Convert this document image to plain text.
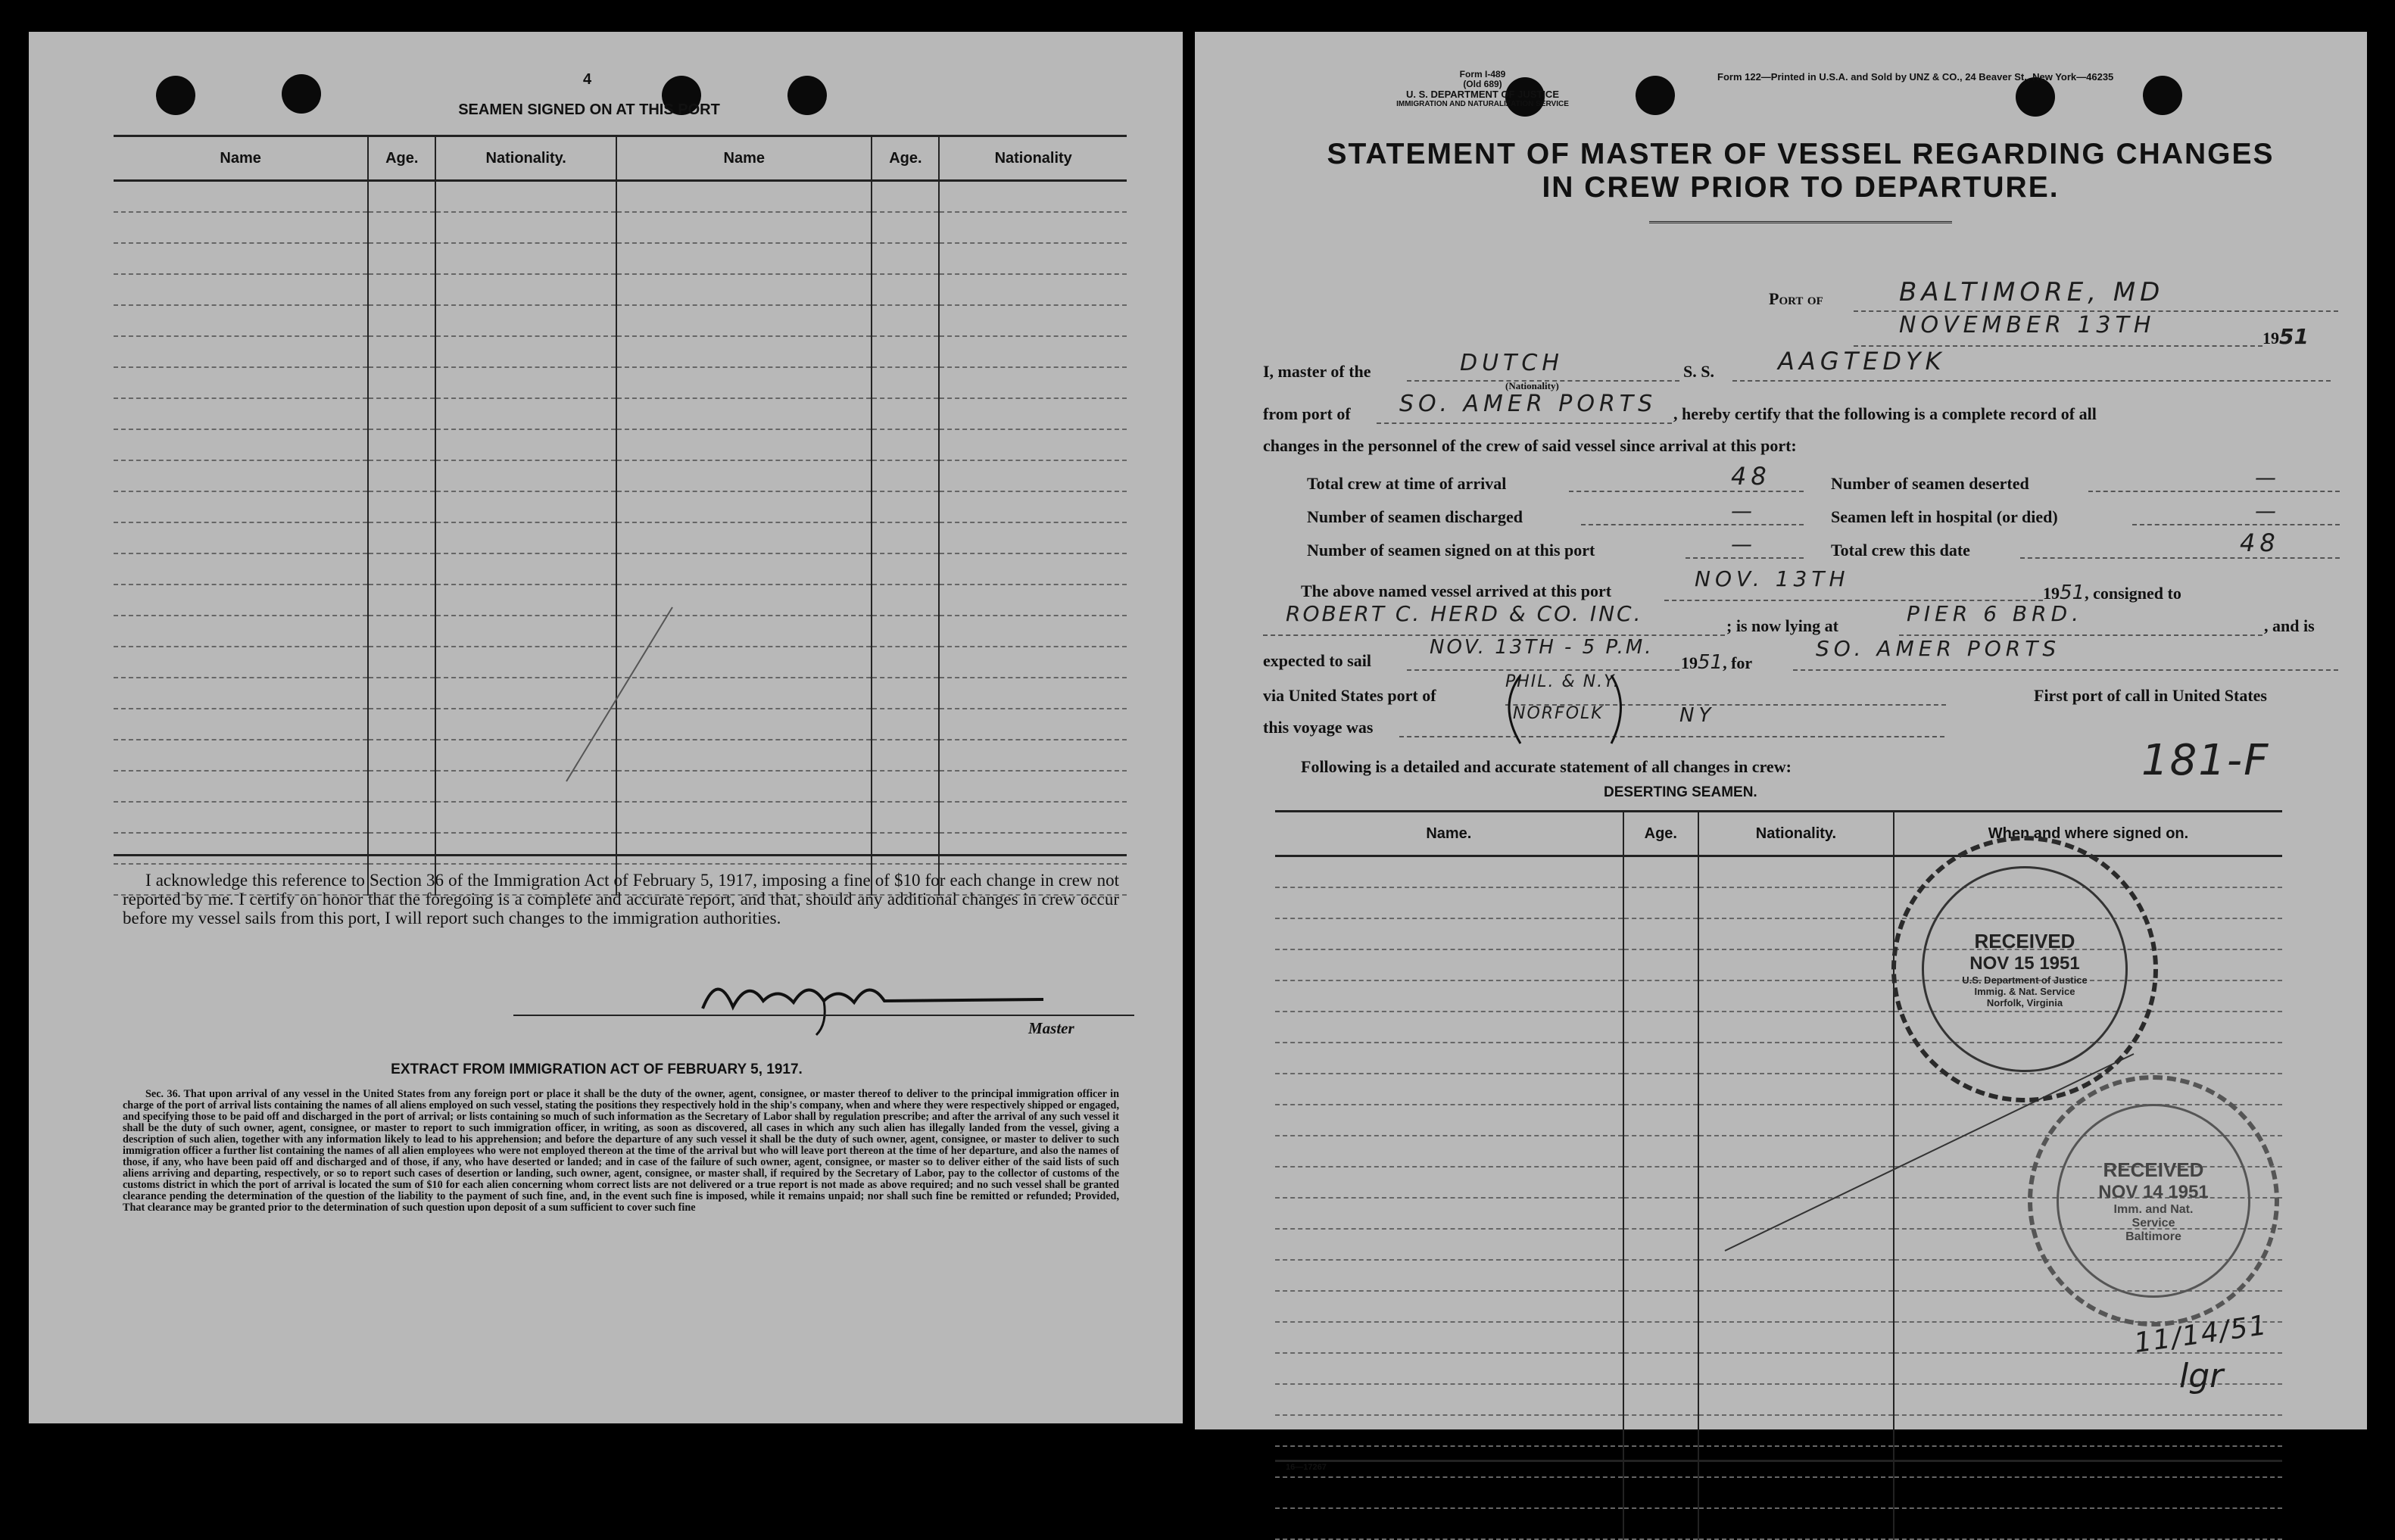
4
SEAMEN SIGNED ON AT THIS PORT
Name	Age.	Nationality.	Name	Age.	Nationality

I acknowledge this reference to Section 36 of the Immigration Act of February 5, 1917, imposing a fine of $10 for each change in crew not reported by me. I certify on honor that the foregoing is a complete and accurate report, and that, should any additional changes in crew occur before my vessel sails from this port, I will report such changes to the immigration authorities.
Master
EXTRACT FROM IMMIGRATION ACT OF FEBRUARY 5, 1917.
Sec. 36. That upon arrival of any vessel in the United States from any foreign port or place it shall be the duty of the owner, agent, consignee, or master thereof to deliver to the principal immigration officer in charge of the port of arrival lists containing the names of all aliens employed on such vessel, stating the positions they respectively hold in the ship's company, when and where they were respectively shipped or engaged, and specifying those to be paid off and discharged in the port of arrival; or lists containing so much of such information as the Secretary of Labor shall by regulation prescribe; and after the arrival of any such vessel it shall be the duty of such owner, agent, consignee, or master to report to such immigration officer, in writing, as soon as discovered, all cases in which any such alien has illegally landed from the vessel, giving a description of such alien, together with any information likely to lead to his apprehension; and before the departure of any such vessel it shall be the duty of such owner, agent, consignee, or master to deliver to such immigration officer a further list containing the names of all alien employees who were not employed thereon at the time of the arrival but who will leave port thereon at the time of her departure, and also the names of those, if any, who have been paid off and discharged and of those, if any, who have deserted or landed; and in case of the failure of such owner, agent, consignee, or master so to deliver either of the said lists of such aliens arriving and departing, respectively, or so to report such cases of desertion or landing, such owner, agent, consignee, or master shall, if required by the Secretary of Labor, pay to the collector of customs of the customs district in which the port of arrival is located the sum of $10 for each alien concerning whom correct lists are not delivered or a true report is not made as above required; and no such vessel shall be granted clearance pending the determination of the question of the liability to the payment of such fine, and, in the event such fine is imposed, while it remains unpaid; nor shall such fine be remitted or refunded; Provided, That clearance may be granted prior to the determination of such question upon deposit of a sum sufficient to cover such fine
Form I-489
(Old 689)
U. S. DEPARTMENT OF JUSTICE
IMMIGRATION AND NATURALIZATION SERVICE
Form 122—Printed in U.S.A. and Sold by UNZ & CO., 24 Beaver St., New York—46235
STATEMENT OF MASTER OF VESSEL REGARDING CHANGES
IN CREW PRIOR TO DEPARTURE.
Port of	BALTIMORE, MD
NOVEMBER 13TH	1951
I, master of the	DUTCH	S. S.	AAGTEDYK
(Nationality)
from port of SO. AMER PORTS , hereby certify that the following is a complete record of all
changes in the personnel of the crew of said vessel since arrival at this port:
Total crew at time of arrival	48	Number of seamen deserted	—
Number of seamen discharged	—	Seamen left in hospital (or died)	—
Number of seamen signed on at this port	—	Total crew this date	48
The above named vessel arrived at this port	NOV. 13TH
1951, consigned to
ROBERT C. HERD & CO. INC.	; is now lying at	PIER 6 BRD.	, and is
expected to sail
NOV. 13TH - 5 P.M.
1951, for
SO. AMER PORTS
via United States port of
PHIL. & N.Y.
First port of call in United States
this voyage was
NORFOLK	NY
Following is a detailed and accurate statement of all changes in crew:	181-F
DESERTING SEAMEN.
Name.	Age.	Nationality.	When and where signed on.

RECEIVED
NOV 15 1951
U.S. Department of Justice
Immig. & Nat. Service
Norfolk, Virginia
RECEIVED
NOV 14 1951
Imm. and Nat.
Service
Baltimore
16—17267
11/14/51
lgr
